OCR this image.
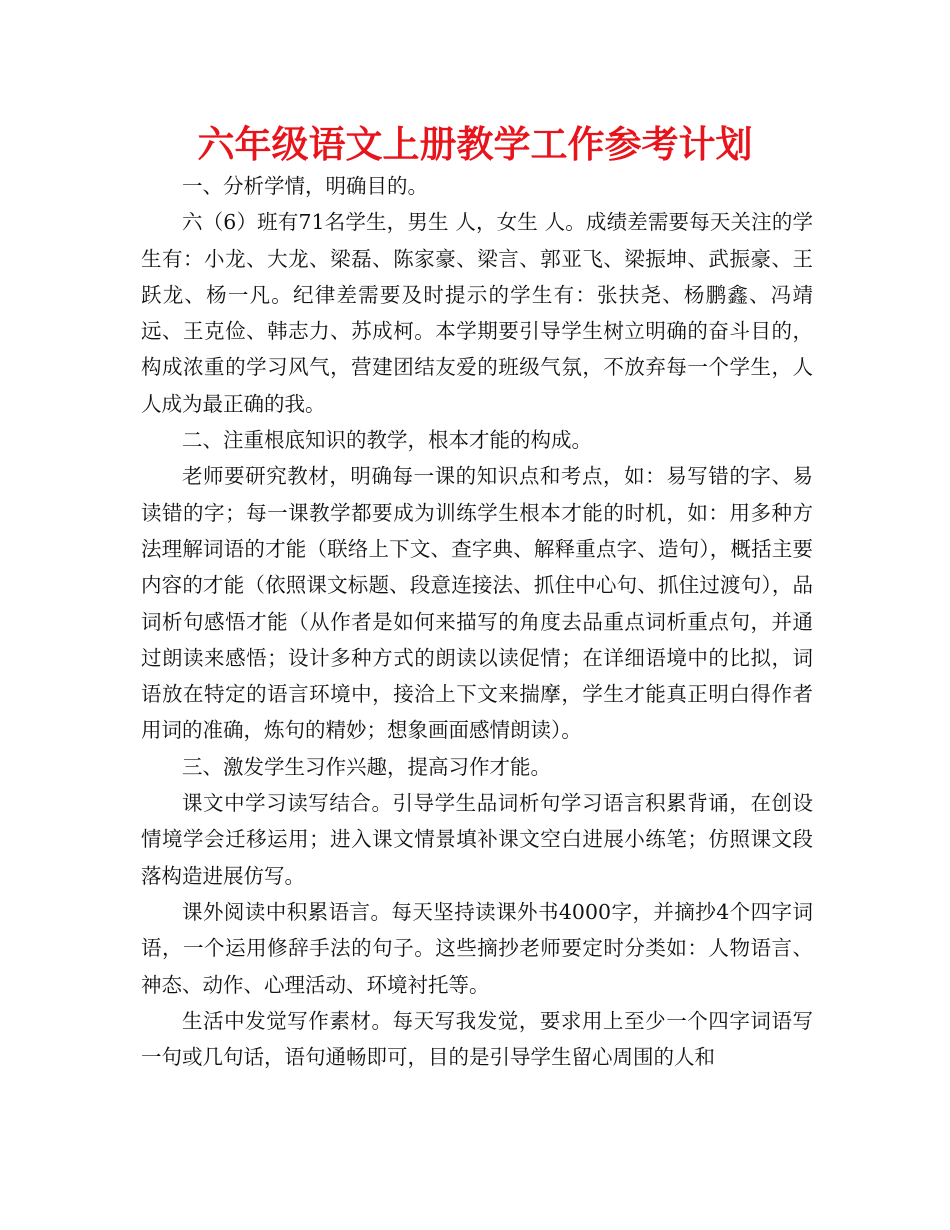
六年级语文上册教学工作参考计划

一、分析学情，明确目的。

六（6）班有71名学生，男生 人，女生 人。成绩差需要每天关注的学生有：小龙、大龙、梁磊、陈家豪、梁言、郭亚飞、梁振坤、武振豪、王跃龙、杨一凡。纪律差需要及时提示的学生有：张扶尧、杨鹏鑫、冯靖远、王克俭、韩志力、苏成柯。本学期要引导学生树立明确的奋斗目的，构成浓重的学习风气，营建团结友爱的班级气氛，不放弃每一个学生，人人成为最正确的我。

二、注重根底知识的教学，根本才能的构成。

老师要研究教材，明确每一课的知识点和考点，如：易写错的字、易读错的字；每一课教学都要成为训练学生根本才能的时机，如：用多种方法理解词语的才能（联络上下文、查字典、解释重点字、造句），概括主要内容的才能（依照课文标题、段意连接法、抓住中心句、抓住过渡句），品词析句感悟才能（从作者是如何来描写的角度去品重点词析重点句，并通过朗读来感悟；设计多种方式的朗读以读促情；在详细语境中的比拟，词语放在特定的语言环境中，接洽上下文来揣摩，学生才能真正明白得作者用词的准确，炼句的精妙；想象画面感情朗读）。

三、激发学生习作兴趣，提高习作才能。

课文中学习读写结合。引导学生品词析句学习语言积累背诵，在创设情境学会迁移运用；进入课文情景填补课文空白进展小练笔；仿照课文段落构造进展仿写。

课外阅读中积累语言。每天坚持读课外书4000字，并摘抄4个四字词语，一个运用修辞手法的句子。这些摘抄老师要定时分类如：人物语言、神态、动作、心理活动、环境衬托等。

生活中发觉写作素材。每天写我发觉，要求用上至少一个四字词语写一句或几句话，语句通畅即可，目的是引导学生留心周围的人和
